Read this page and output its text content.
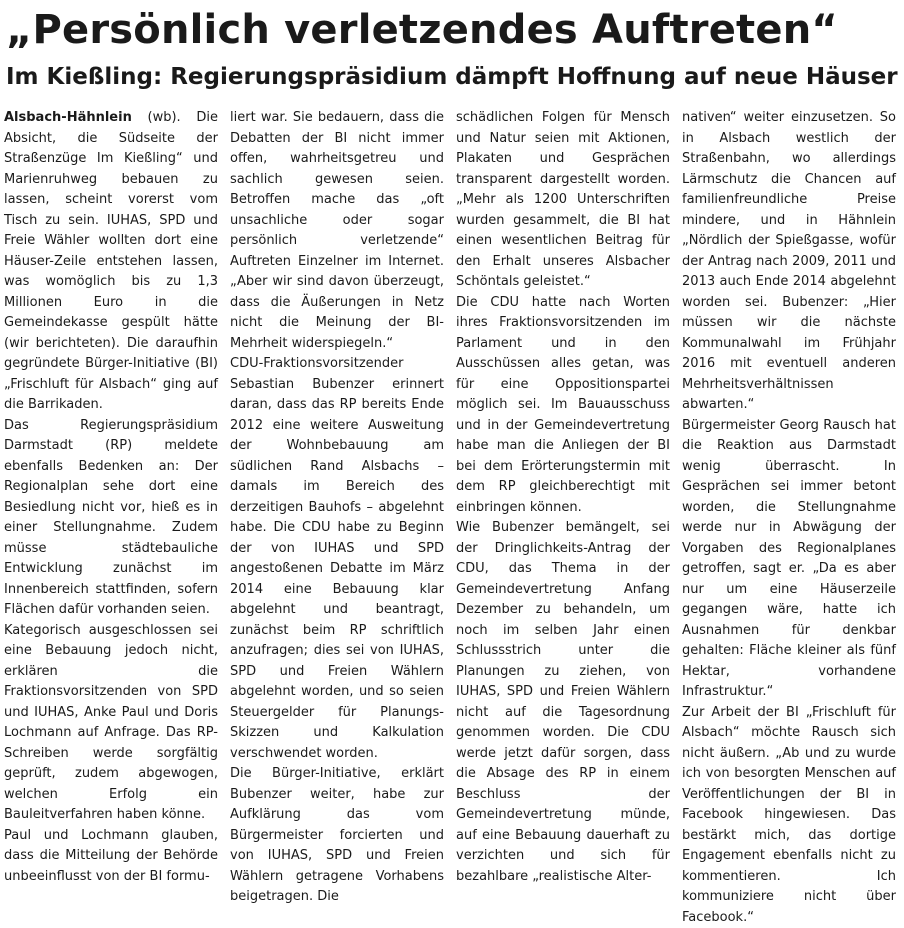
„Persönlich verletzendes Auftreten“
Im Kießling: Regierungspräsidium dämpft Hoffnung auf neue Häuser

Alsbach-Hähnlein (wb). Die Absicht, die Südseite der Straßenzüge Im Kießling“ und Marienruhweg bebauen zu lassen, scheint vorerst vom Tisch zu sein. IUHAS, SPD und Freie Wähler wollten dort eine Häuser-Zeile entstehen lassen, was womöglich bis zu 1,3 Millionen Euro in die Gemeindekasse gespült hätte (wir berichteten). Die daraufhin gegründete Bürger-Initiative (BI) „Frischluft für Alsbach“ ging auf die Barrikaden.

Das Regierungspräsidium Darmstadt (RP) meldete ebenfalls Bedenken an: Der Regionalplan sehe dort eine Besiedlung nicht vor, hieß es in einer Stellungnahme. Zudem müsse städtebauliche Entwicklung zunächst im Innenbereich stattfinden, sofern Flächen dafür vorhanden seien.

Kategorisch ausgeschlossen sei eine Bebauung jedoch nicht, erklären die Fraktionsvorsitzenden von SPD und IUHAS, Anke Paul und Doris Lochmann auf Anfrage. Das RP-Schreiben werde sorgfältig geprüft, zudem abgewogen, welchen Erfolg ein Bauleitverfahren haben könne.

Paul und Lochmann glauben, dass die Mitteilung der Behörde unbeeinflusst von der BI formu-

liert war. Sie bedauern, dass die Debatten der BI nicht immer offen, wahrheitsgetreu und sachlich gewesen seien. Betroffen mache das „oft unsachliche oder sogar persönlich verletzende“ Auftreten Einzelner im Internet. „Aber wir sind davon überzeugt, dass die Äußerungen in Netz nicht die Meinung der BI-Mehrheit widerspiegeln.“

CDU-Fraktionsvorsitzender Sebastian Bubenzer erinnert daran, dass das RP bereits Ende 2012 eine weitere Ausweitung der Wohnbebauung am südlichen Rand Alsbachs – damals im Bereich des derzeitigen Bauhofs – abgelehnt habe. Die CDU habe zu Beginn der von IUHAS und SPD angestoßenen Debatte im März 2014 eine Bebauung klar abgelehnt und beantragt, zunächst beim RP schriftlich anzufragen; dies sei von IUHAS, SPD und Freien Wählern abgelehnt worden, und so seien Steuergelder für Planungs-Skizzen und Kalkulation verschwendet worden.

Die Bürger-Initiative, erklärt Bubenzer weiter, habe zur Aufklärung das vom Bürgermeister forcierten und von IUHAS, SPD und Freien Wählern getragene Vorhabens beigetragen. Die

schädlichen Folgen für Mensch und Natur seien mit Aktionen, Plakaten und Gesprächen transparent dargestellt worden. „Mehr als 1200 Unterschriften wurden gesammelt, die BI hat einen wesentlichen Beitrag für den Erhalt unseres Alsbacher Schöntals geleistet.“

Die CDU hatte nach Worten ihres Fraktionsvorsitzenden im Parlament und in den Ausschüssen alles getan, was für eine Oppositionspartei möglich sei. Im Bauausschuss und in der Gemeindevertretung habe man die Anliegen der BI bei dem Erörterungstermin mit dem RP gleichberechtigt mit einbringen können.

Wie Bubenzer bemängelt, sei der Dringlichkeits-Antrag der CDU, das Thema in der Gemeindevertretung Anfang Dezember zu behandeln, um noch im selben Jahr einen Schlussstrich unter die Planungen zu ziehen, von IUHAS, SPD und Freien Wählern nicht auf die Tagesordnung genommen worden. Die CDU werde jetzt dafür sorgen, dass die Absage des RP in einem Beschluss der Gemeindevertretung münde, auf eine Bebauung dauerhaft zu verzichten und sich für bezahlbare „realistische Alter-

nativen“ weiter einzusetzen. So in Alsbach westlich der Straßenbahn, wo allerdings Lärmschutz die Chancen auf familienfreundliche Preise mindere, und in Hähnlein „Nördlich der Spießgasse, wofür der Antrag nach 2009, 2011 und 2013 auch Ende 2014 abgelehnt worden sei. Bubenzer: „Hier müssen wir die nächste Kommunalwahl im Frühjahr 2016 mit eventuell anderen Mehrheitsverhältnissen abwarten.“

Bürgermeister Georg Rausch hat die Reaktion aus Darmstadt wenig überrascht. In Gesprächen sei immer betont worden, die Stellungnahme werde nur in Abwägung der Vorgaben des Regionalplanes getroffen, sagt er. „Da es aber nur um eine Häuserzeile gegangen wäre, hatte ich Ausnahmen für denkbar gehalten: Fläche kleiner als fünf Hektar, vorhandene Infrastruktur.“

Zur Arbeit der BI „Frischluft für Alsbach“ möchte Rausch sich nicht äußern. „Ab und zu wurde ich von besorgten Menschen auf Veröffentlichungen der BI in Facebook hingewiesen. Das bestärkt mich, das dortige Engagement ebenfalls nicht zu kommentieren. Ich kommuniziere nicht über Facebook.“
